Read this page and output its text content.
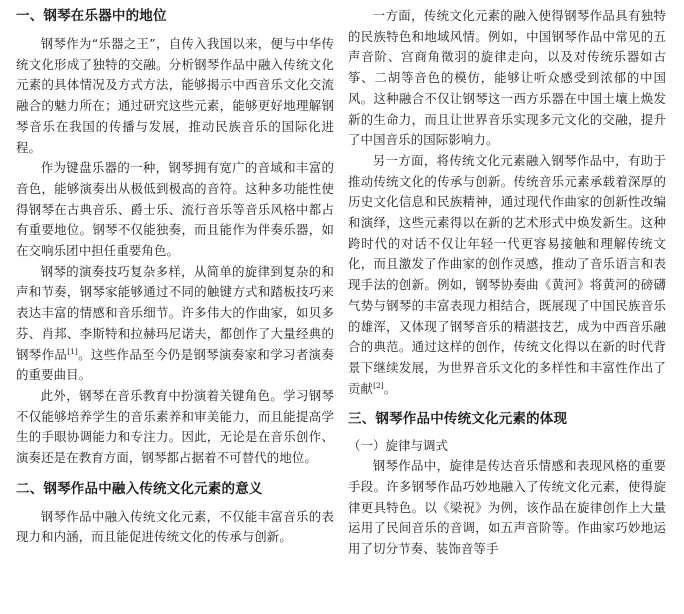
一、钢琴在乐器中的地位

钢琴作为“乐器之王”，自传入我国以来，便与中华传统文化形成了独特的交融。分析钢琴作品中融入传统文化元素的具体情况及方式方法，能够揭示中西音乐文化交流融合的魅力所在；通过研究这些元素，能够更好地理解钢琴音乐在我国的传播与发展，推动民族音乐的国际化进程。

作为键盘乐器的一种，钢琴拥有宽广的音域和丰富的音色，能够演奏出从极低到极高的音符。这种多功能性使得钢琴在古典音乐、爵士乐、流行音乐等音乐风格中都占有重要地位。钢琴不仅能独奏，而且能作为伴奏乐器，如在交响乐团中担任重要角色。

钢琴的演奏技巧复杂多样，从简单的旋律到复杂的和声和节奏，钢琴家能够通过不同的触键方式和踏板技巧来表达丰富的情感和音乐细节。许多伟大的作曲家，如贝多芬、肖邦、李斯特和拉赫玛尼诺夫，都创作了大量经典的钢琴作品[1]。这些作品至今仍是钢琴演奏家和学习者演奏的重要曲目。

此外，钢琴在音乐教育中扮演着关键角色。学习钢琴不仅能够培养学生的音乐素养和审美能力，而且能提高学生的手眼协调能力和专注力。因此，无论是在音乐创作、演奏还是在教育方面，钢琴都占据着不可替代的地位。

二、钢琴作品中融入传统文化元素的意义

钢琴作品中融入传统文化元素，不仅能丰富音乐的表现力和内涵，而且能促进传统文化的传承与创新。

一方面，传统文化元素的融入使得钢琴作品具有独特的民族特色和地域风情。例如，中国钢琴作品中常见的五声音阶、宫商角徵羽的旋律走向，以及对传统乐器如古筝、二胡等音色的模仿，能够让听众感受到浓郁的中国风。这种融合不仅让钢琴这一西方乐器在中国土壤上焕发新的生命力，而且让世界音乐实现多元文化的交融，提升了中国音乐的国际影响力。

另一方面，将传统文化元素融入钢琴作品中，有助于推动传统文化的传承与创新。传统音乐元素承载着深厚的历史文化信息和民族精神，通过现代作曲家的创新性改编和演绎，这些元素得以在新的艺术形式中焕发新生。这种跨时代的对话不仅让年轻一代更容易接触和理解传统文化，而且激发了作曲家的创作灵感，推动了音乐语言和表现手法的创新。例如，钢琴协奏曲《黄河》将黄河的磅礴气势与钢琴的丰富表现力相结合，既展现了中国民族音乐的雄浑，又体现了钢琴音乐的精湛技艺，成为中西音乐融合的典范。通过这样的创作，传统文化得以在新的时代背景下继续发展，为世界音乐文化的多样性和丰富性作出了贡献[2]。

三、钢琴作品中传统文化元素的体现
（一）旋律与调式

钢琴作品中，旋律是传达音乐情感和表现风格的重要手段。许多钢琴作品巧妙地融入了传统文化元素，使得旋律更具特色。以《梁祝》为例，该作品在旋律创作上大量运用了民间音乐的音调，如五声音阶等。作曲家巧妙地运用了切分节奏、装饰音等手
